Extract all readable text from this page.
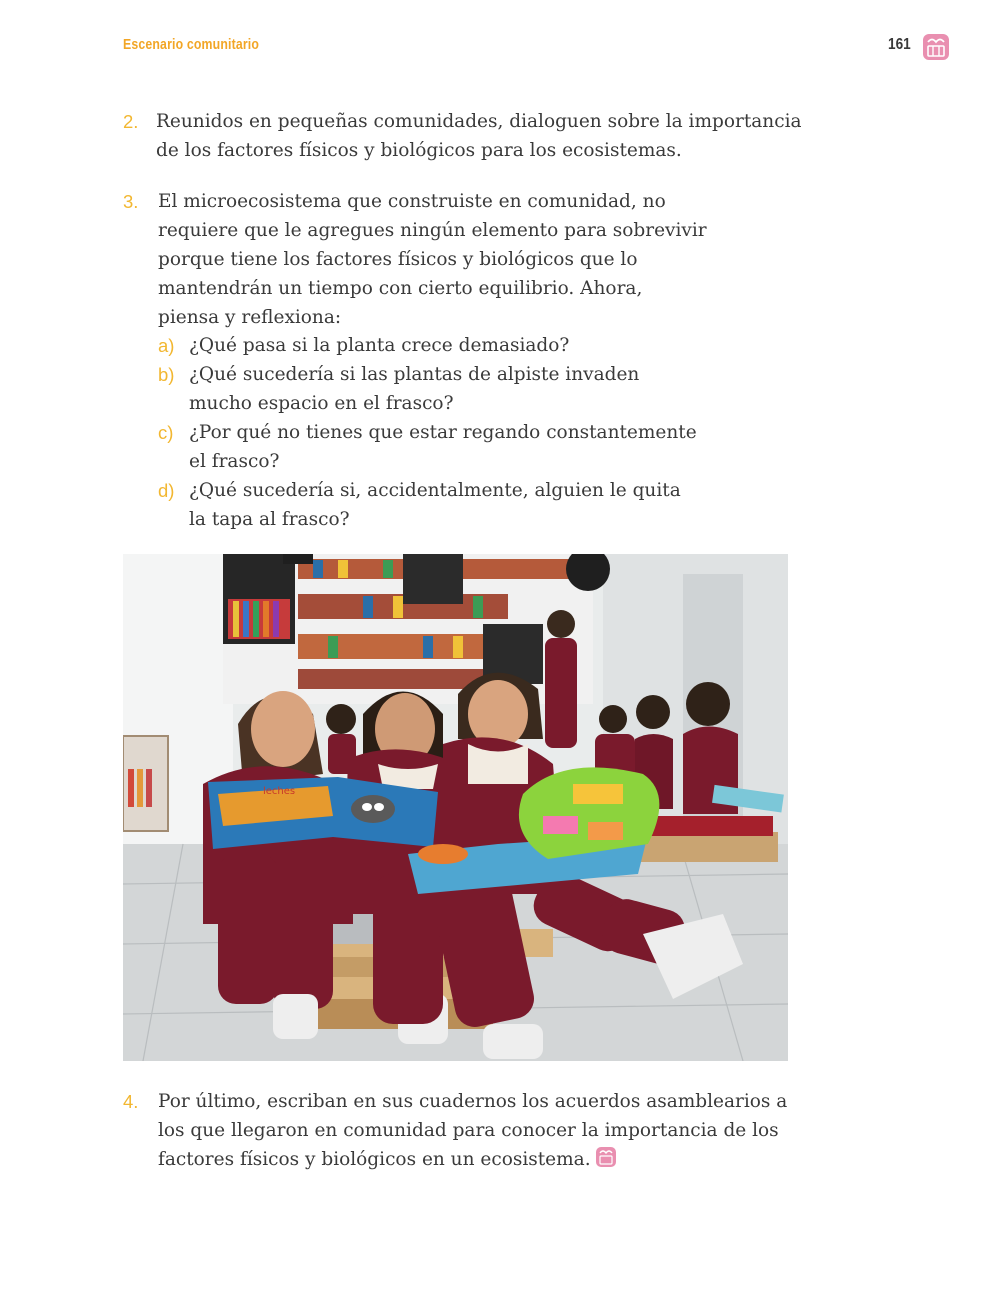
Escenario comunitario	161
2. Reunidos en pequeñas comunidades, dialoguen sobre la importancia
de los factores físicos y biológicos para los ecosistemas.
3. El microecosistema que construiste en comunidad, no
requiere que le agregues ningún elemento para sobrevivir
porque tiene los factores físicos y biológicos que lo
mantendrán un tiempo con cierto equilibrio. Ahora,
piensa y reflexiona:
a) ¿Qué pasa si la planta crece demasiado?
b) ¿Qué sucedería si las plantas de alpiste invaden
mucho espacio en el frasco?
c) ¿Por qué no tienes que estar regando constantemente
el frasco?
d) ¿Qué sucedería si, accidentalmente, alguien le quita
la tapa al frasco?
leches
4. Por último, escriban en sus cuadernos los acuerdos asamblearios a
los que llegaron en comunidad para conocer la importancia de los
factores físicos y biológicos en un ecosistema.
